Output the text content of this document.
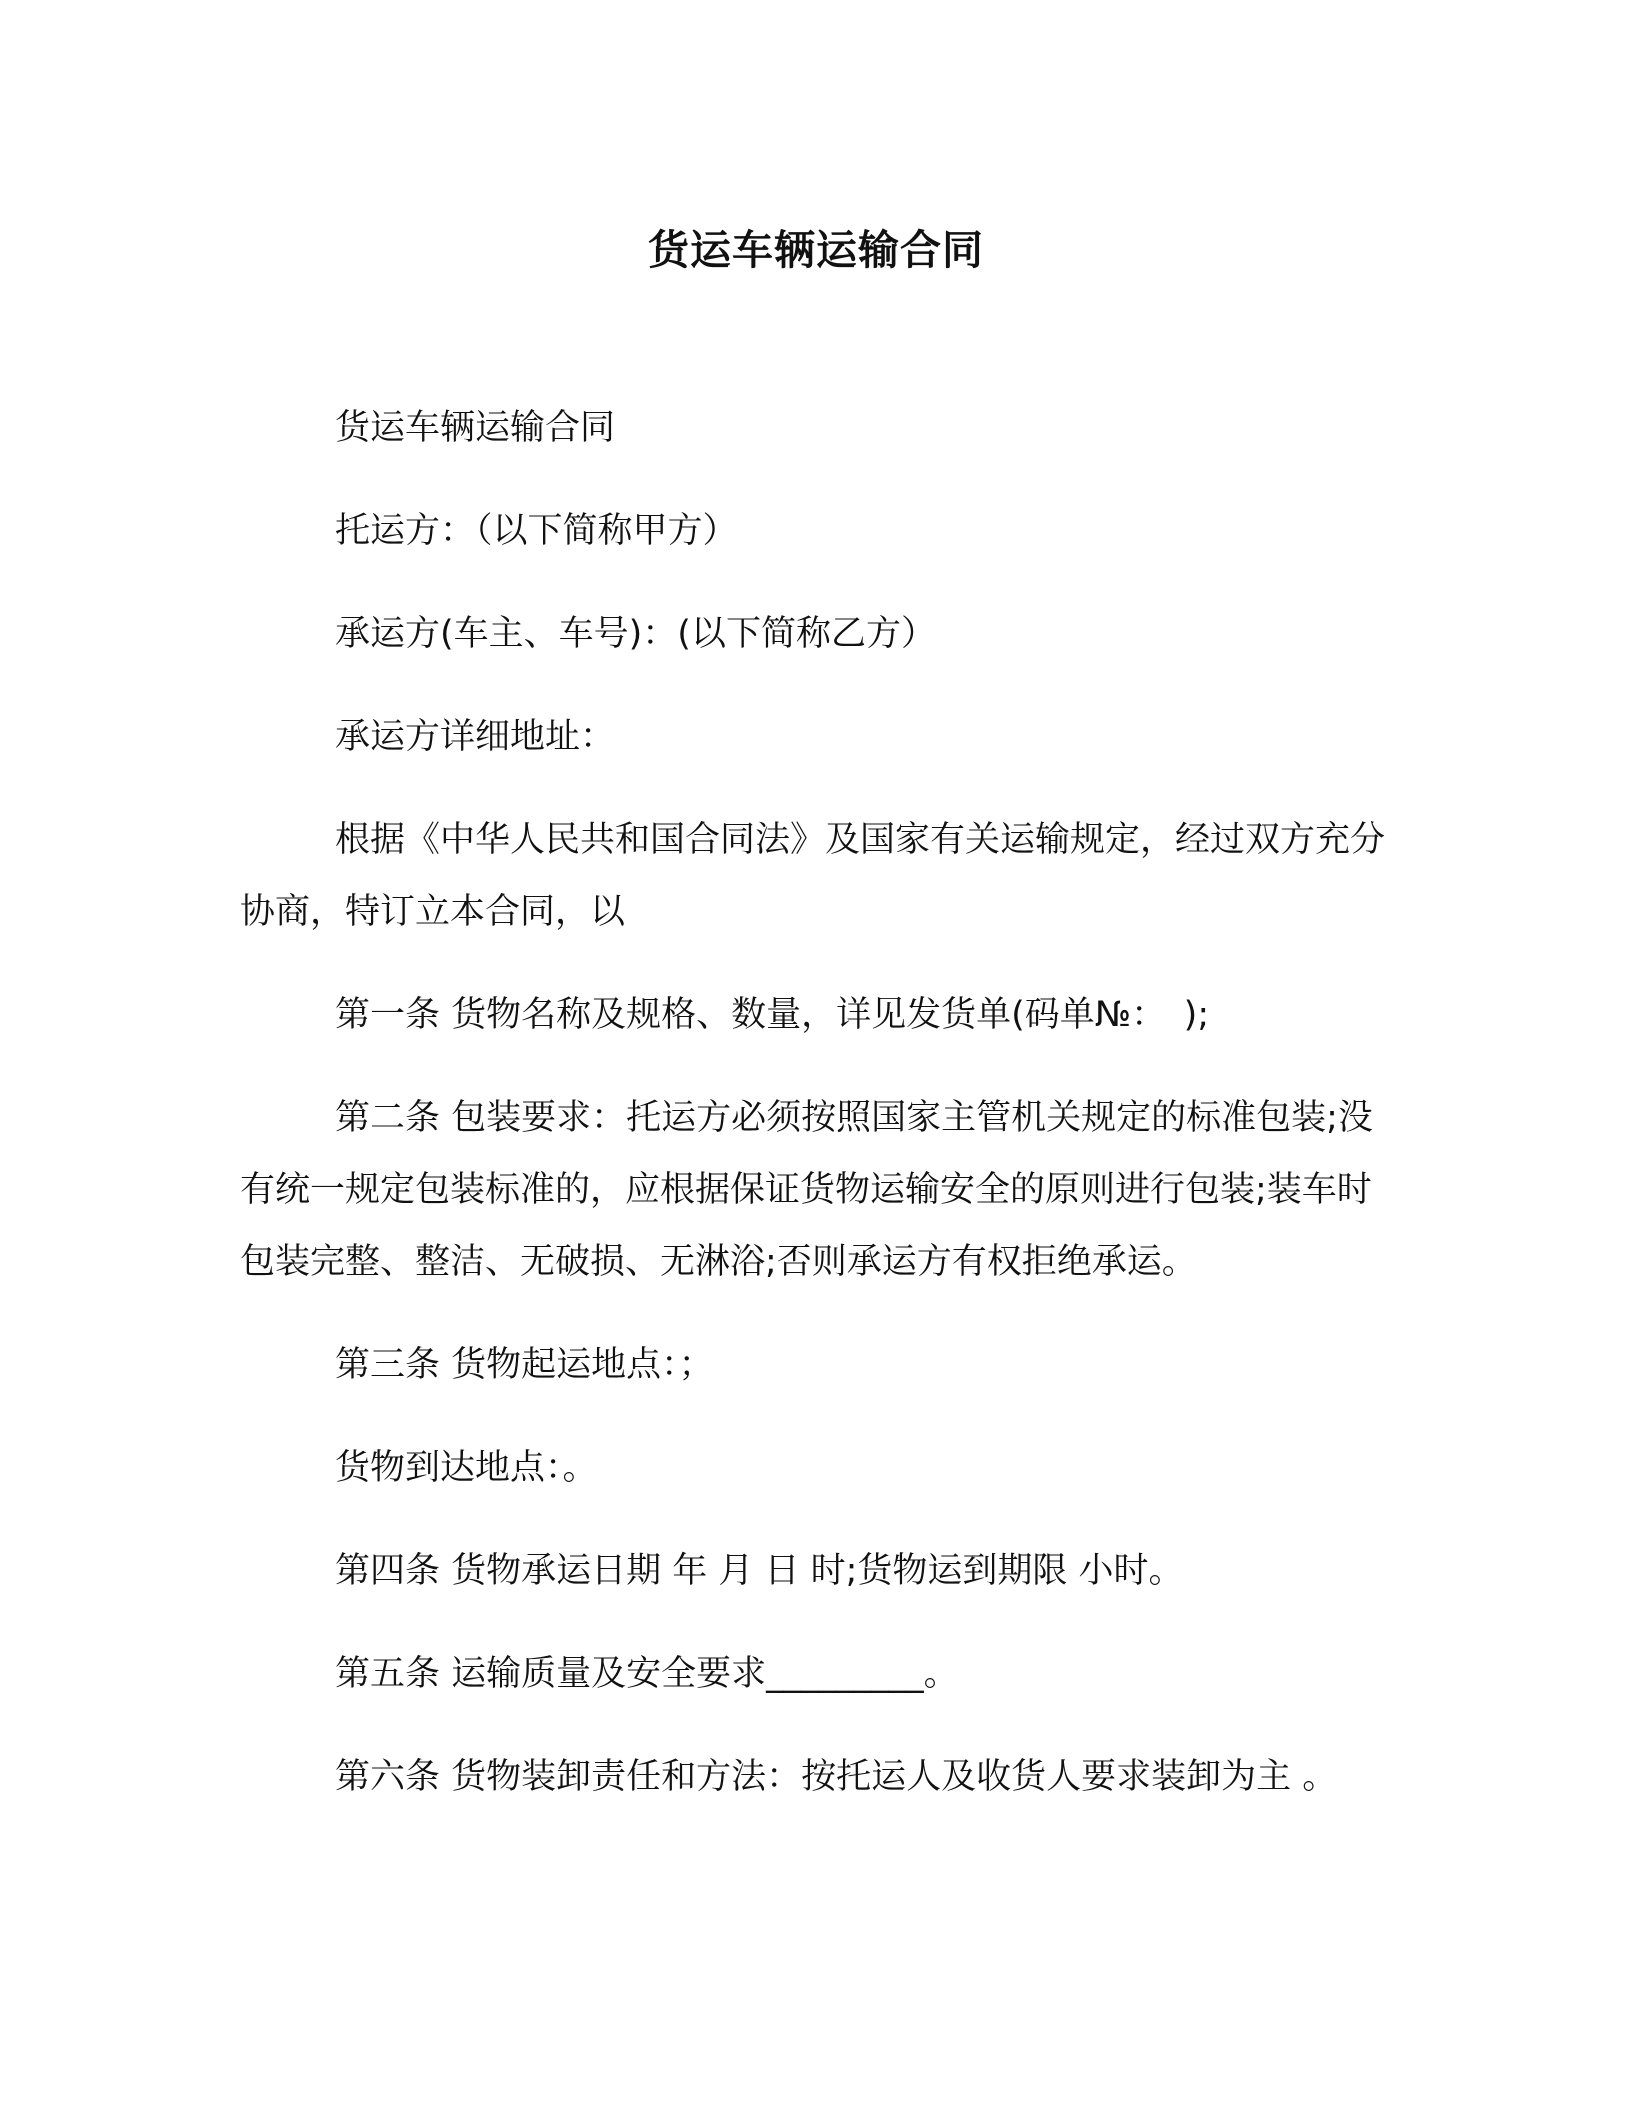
货运车辆运输合同

货运车辆运输合同

托运方：（以下简称甲方）

承运方(车主、车号)：(以下简称乙方）

承运方详细地址：

根据《中华人民共和国合同法》及国家有关运输规定，经过双方充分协商，特订立本合同，以

第一条 货物名称及规格、数量，详见发货单(码单№：　);

第二条 包装要求：托运方必须按照国家主管机关规定的标准包装;没有统一规定包装标准的，应根据保证货物运输安全的原则进行包装;装车时包装完整、整洁、无破损、无淋浴;否则承运方有权拒绝承运。

第三条 货物起运地点：；

货物到达地点：。

第四条 货物承运日期 年 月 日 时;货物运到期限 小时。

第五条 运输质量及安全要求_________。

第六条 货物装卸责任和方法：按托运人及收货人要求装卸为主 。
